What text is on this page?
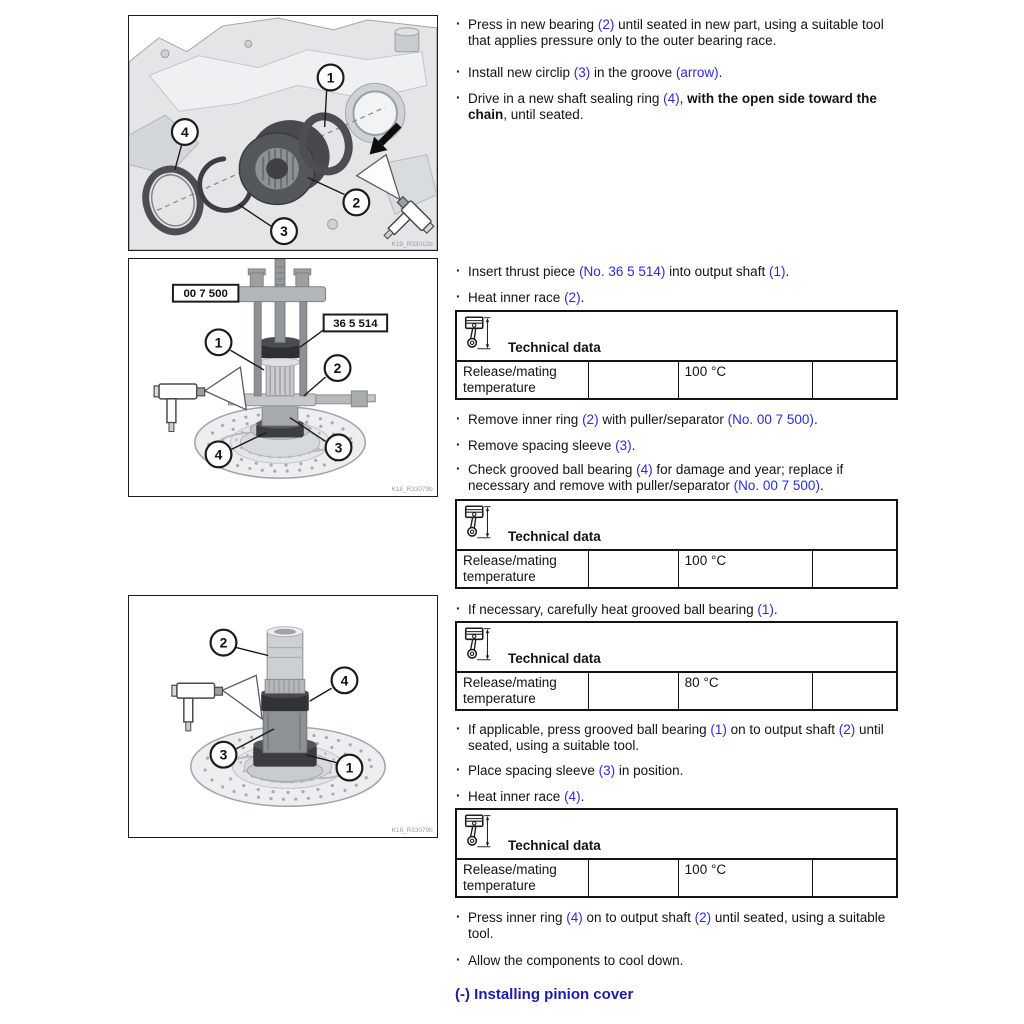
1
2
3
4
K19_R33012b
00 7 500
36 5 514
1
2
3
4
K18_R33079b
2
4
3
1
K18_R33079b
· Press in new bearing (2) until seated in new part, using a suitable tool that applies pressure only to the outer bearing race.
· Install new circlip (3) in the groove (arrow).
· Drive in a new shaft sealing ring (4), with the open side toward the chain, until seated.
· Insert thrust piece (No. 36 5 514) into output shaft (1).
· Heat inner race (2).
Technical data
Release/mating temperature
100 °C
· Remove inner ring (2) with puller/separator (No. 00 7 500).
· Remove spacing sleeve (3).
· Check grooved ball bearing (4) for damage and year; replace if necessary and remove with puller/separator (No. 00 7 500).
Technical data
Release/mating temperature
100 °C
· If necessary, carefully heat grooved ball bearing (1).
Technical data
Release/mating temperature
80 °C
· If applicable, press grooved ball bearing (1) on to output shaft (2) until seated, using a suitable tool.
· Place spacing sleeve (3) in position.
· Heat inner race (4).
Technical data
Release/mating temperature
100 °C
· Press inner ring (4) on to output shaft (2) until seated, using a suitable tool.
· Allow the components to cool down.
(-) Installing pinion cover
